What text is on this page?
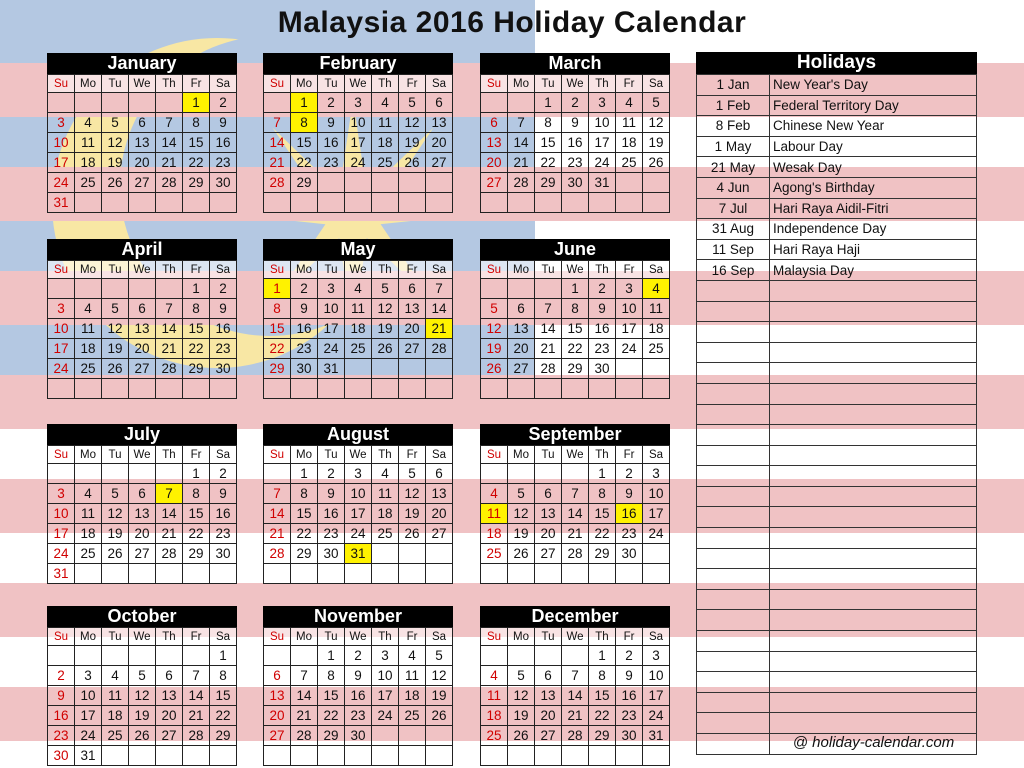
Malaysia 2016 Holiday Calendar
January
Su	Mo	Tu	We	Th	Fr	Sa
					1	2
3	4	5	6	7	8	9
10	11	12	13	14	15	16
17	18	19	20	21	22	23
24	25	26	27	28	29	30
31						
February
Su	Mo	Tu	We	Th	Fr	Sa
	1	2	3	4	5	6
7	8	9	10	11	12	13
14	15	16	17	18	19	20
21	22	23	24	25	26	27
28	29					

March
Su	Mo	Tu	We	Th	Fr	Sa
		1	2	3	4	5
6	7	8	9	10	11	12
13	14	15	16	17	18	19
20	21	22	23	24	25	26
27	28	29	30	31		

April
Su	Mo	Tu	We	Th	Fr	Sa
					1	2
3	4	5	6	7	8	9
10	11	12	13	14	15	16
17	18	19	20	21	22	23
24	25	26	27	28	29	30

May
Su	Mo	Tu	We	Th	Fr	Sa
1	2	3	4	5	6	7
8	9	10	11	12	13	14
15	16	17	18	19	20	21
22	23	24	25	26	27	28
29	30	31				

June
Su	Mo	Tu	We	Th	Fr	Sa
			1	2	3	4
5	6	7	8	9	10	11
12	13	14	15	16	17	18
19	20	21	22	23	24	25
26	27	28	29	30		

July
Su	Mo	Tu	We	Th	Fr	Sa
					1	2
3	4	5	6	7	8	9
10	11	12	13	14	15	16
17	18	19	20	21	22	23
24	25	26	27	28	29	30
31						
August
Su	Mo	Tu	We	Th	Fr	Sa
	1	2	3	4	5	6
7	8	9	10	11	12	13
14	15	16	17	18	19	20
21	22	23	24	25	26	27
28	29	30	31			

September
Su	Mo	Tu	We	Th	Fr	Sa
				1	2	3
4	5	6	7	8	9	10
11	12	13	14	15	16	17
18	19	20	21	22	23	24
25	26	27	28	29	30	

October
Su	Mo	Tu	We	Th	Fr	Sa
						1
2	3	4	5	6	7	8
9	10	11	12	13	14	15
16	17	18	19	20	21	22
23	24	25	26	27	28	29
30	31					
November
Su	Mo	Tu	We	Th	Fr	Sa
		1	2	3	4	5
6	7	8	9	10	11	12
13	14	15	16	17	18	19
20	21	22	23	24	25	26
27	28	29	30			

December
Su	Mo	Tu	We	Th	Fr	Sa
				1	2	3
4	5	6	7	8	9	10
11	12	13	14	15	16	17
18	19	20	21	22	23	24
25	26	27	28	29	30	31

Holidays
1 Jan	New Year's Day
1 Feb	Federal Territory Day
8 Feb	Chinese New Year
1 May	Labour Day
21 May	Wesak Day
4 Jun	Agong's Birthday
7 Jul	Hari Raya Aidil-Fitri
31 Aug	Independence Day
11 Sep	Hari Raya Haji
16 Sep	Malaysia Day

@ holiday-calendar.com
